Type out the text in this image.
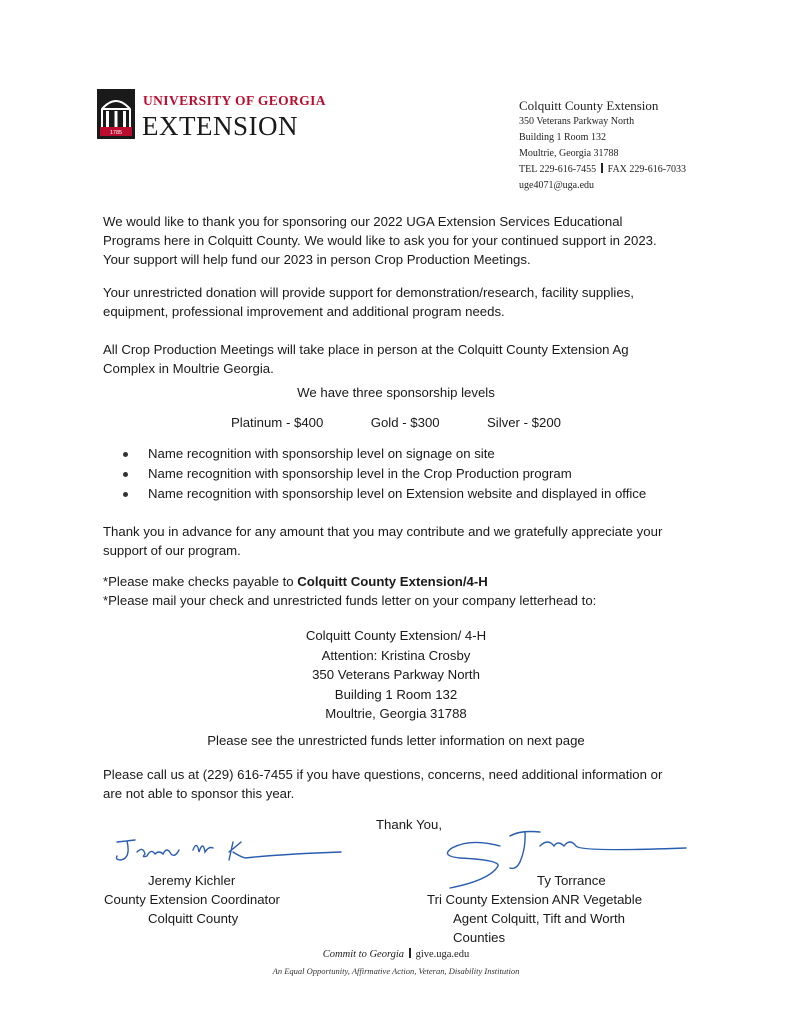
1785
UNIVERSITY OF GEORGIA
EXTENSION
Colquitt County Extension
350 Veterans Parkway North
Building 1 Room 132
Moultrie, Georgia 31788
TEL 229-616-7455 FAX 229-616-7033
uge4071@uga.edu
We would like to thank you for sponsoring our 2022 UGA Extension Services Educational
Programs here in Colquitt County. We would like to ask you for your continued support in 2023.
Your support will help fund our 2023 in person Crop Production Meetings.
Your unrestricted donation will provide support for demonstration/research, facility supplies,
equipment, professional improvement and additional program needs.
All Crop Production Meetings will take place in person at the Colquitt County Extension Ag
Complex in Moultrie Georgia.
We have three sponsorship levels
Platinum - $400	Gold - $300	Silver - $200
Name recognition with sponsorship level on signage on site
Name recognition with sponsorship level in the Crop Production program
Name recognition with sponsorship level on Extension website and displayed in office
Thank you in advance for any amount that you may contribute and we gratefully appreciate your
support of our program.
*Please make checks payable to Colquitt County Extension/4-H
*Please mail your check and unrestricted funds letter on your company letterhead to:
Colquitt County Extension/ 4-H
Attention: Kristina Crosby
350 Veterans Parkway North
Building 1 Room 132
Moultrie, Georgia 31788
Please see the unrestricted funds letter information on next page
Please call us at (229) 616-7455 if you have questions, concerns, need additional information or
are not able to sponsor this year.
Thank You,
Jeremy Kichler
County Extension Coordinator
Colquitt County
Ty Torrance
Tri County Extension ANR Vegetable
Agent Colquitt, Tift and Worth
Counties
Commit to Georgia give.uga.edu
An Equal Opportunity, Affirmative Action, Veteran, Disability Institution
